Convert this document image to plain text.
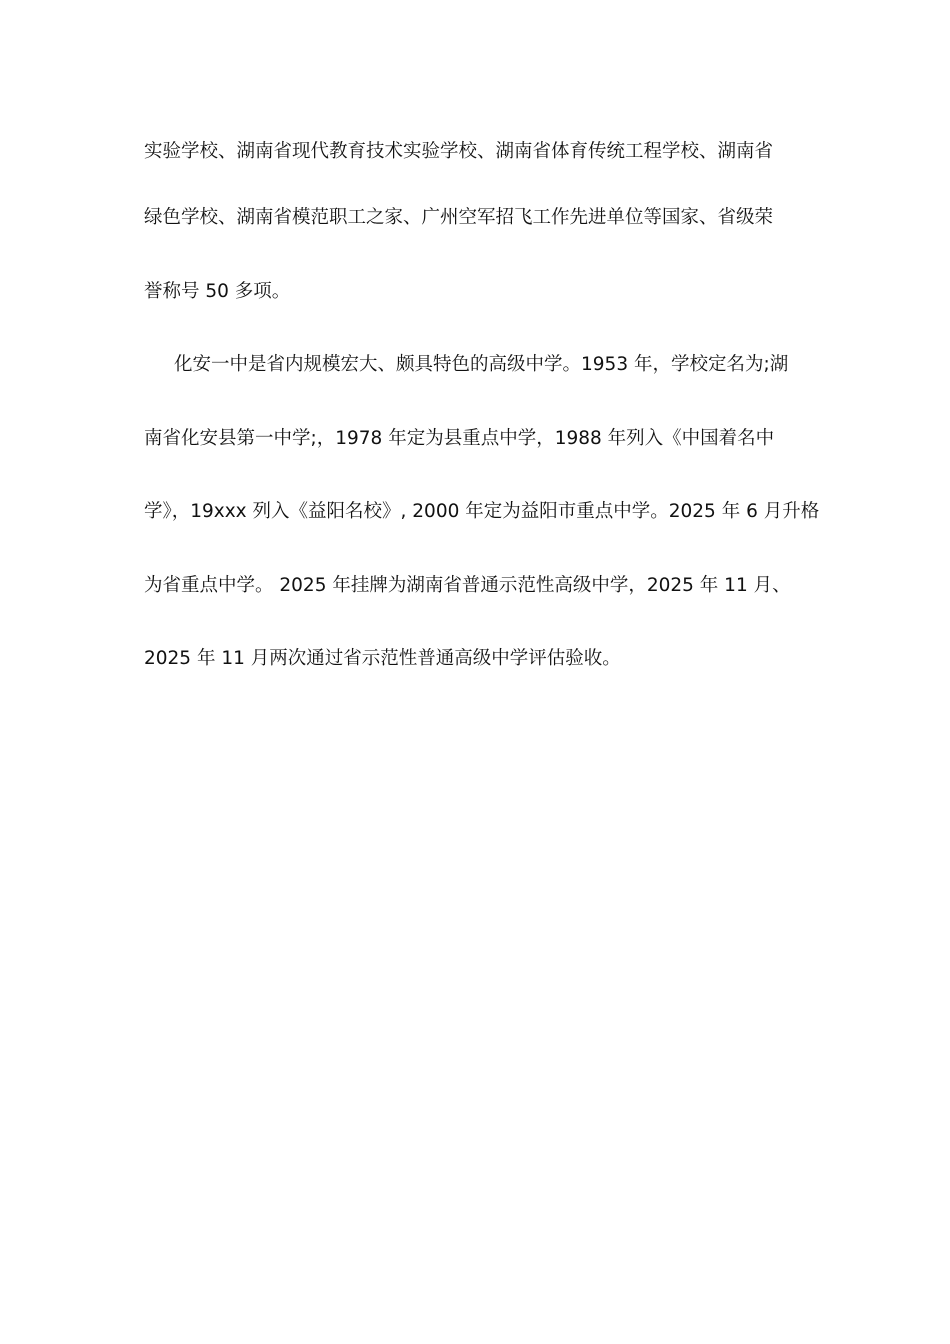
实验学校、湖南省现代教育技术实验学校、湖南省体育传统工程学校、湖南省

绿色学校、湖南省模范职工之家、广州空军招飞工作先进单位等国家、省级荣

誉称号 50 多项。

化安一中是省内规模宏大、颇具特色的高级中学。1953 年，学校定名为;湖

南省化安县第一中学;，1978 年定为县重点中学，1988 年列入《中国着名中

学》，19xxx 列入《益阳名校》, 2000 年定为益阳市重点中学。2025 年 6 月升格

为省重点中学。 2025 年挂牌为湖南省普通示范性高级中学，2025 年 11 月、

2025 年 11 月两次通过省示范性普通高级中学评估验收。
